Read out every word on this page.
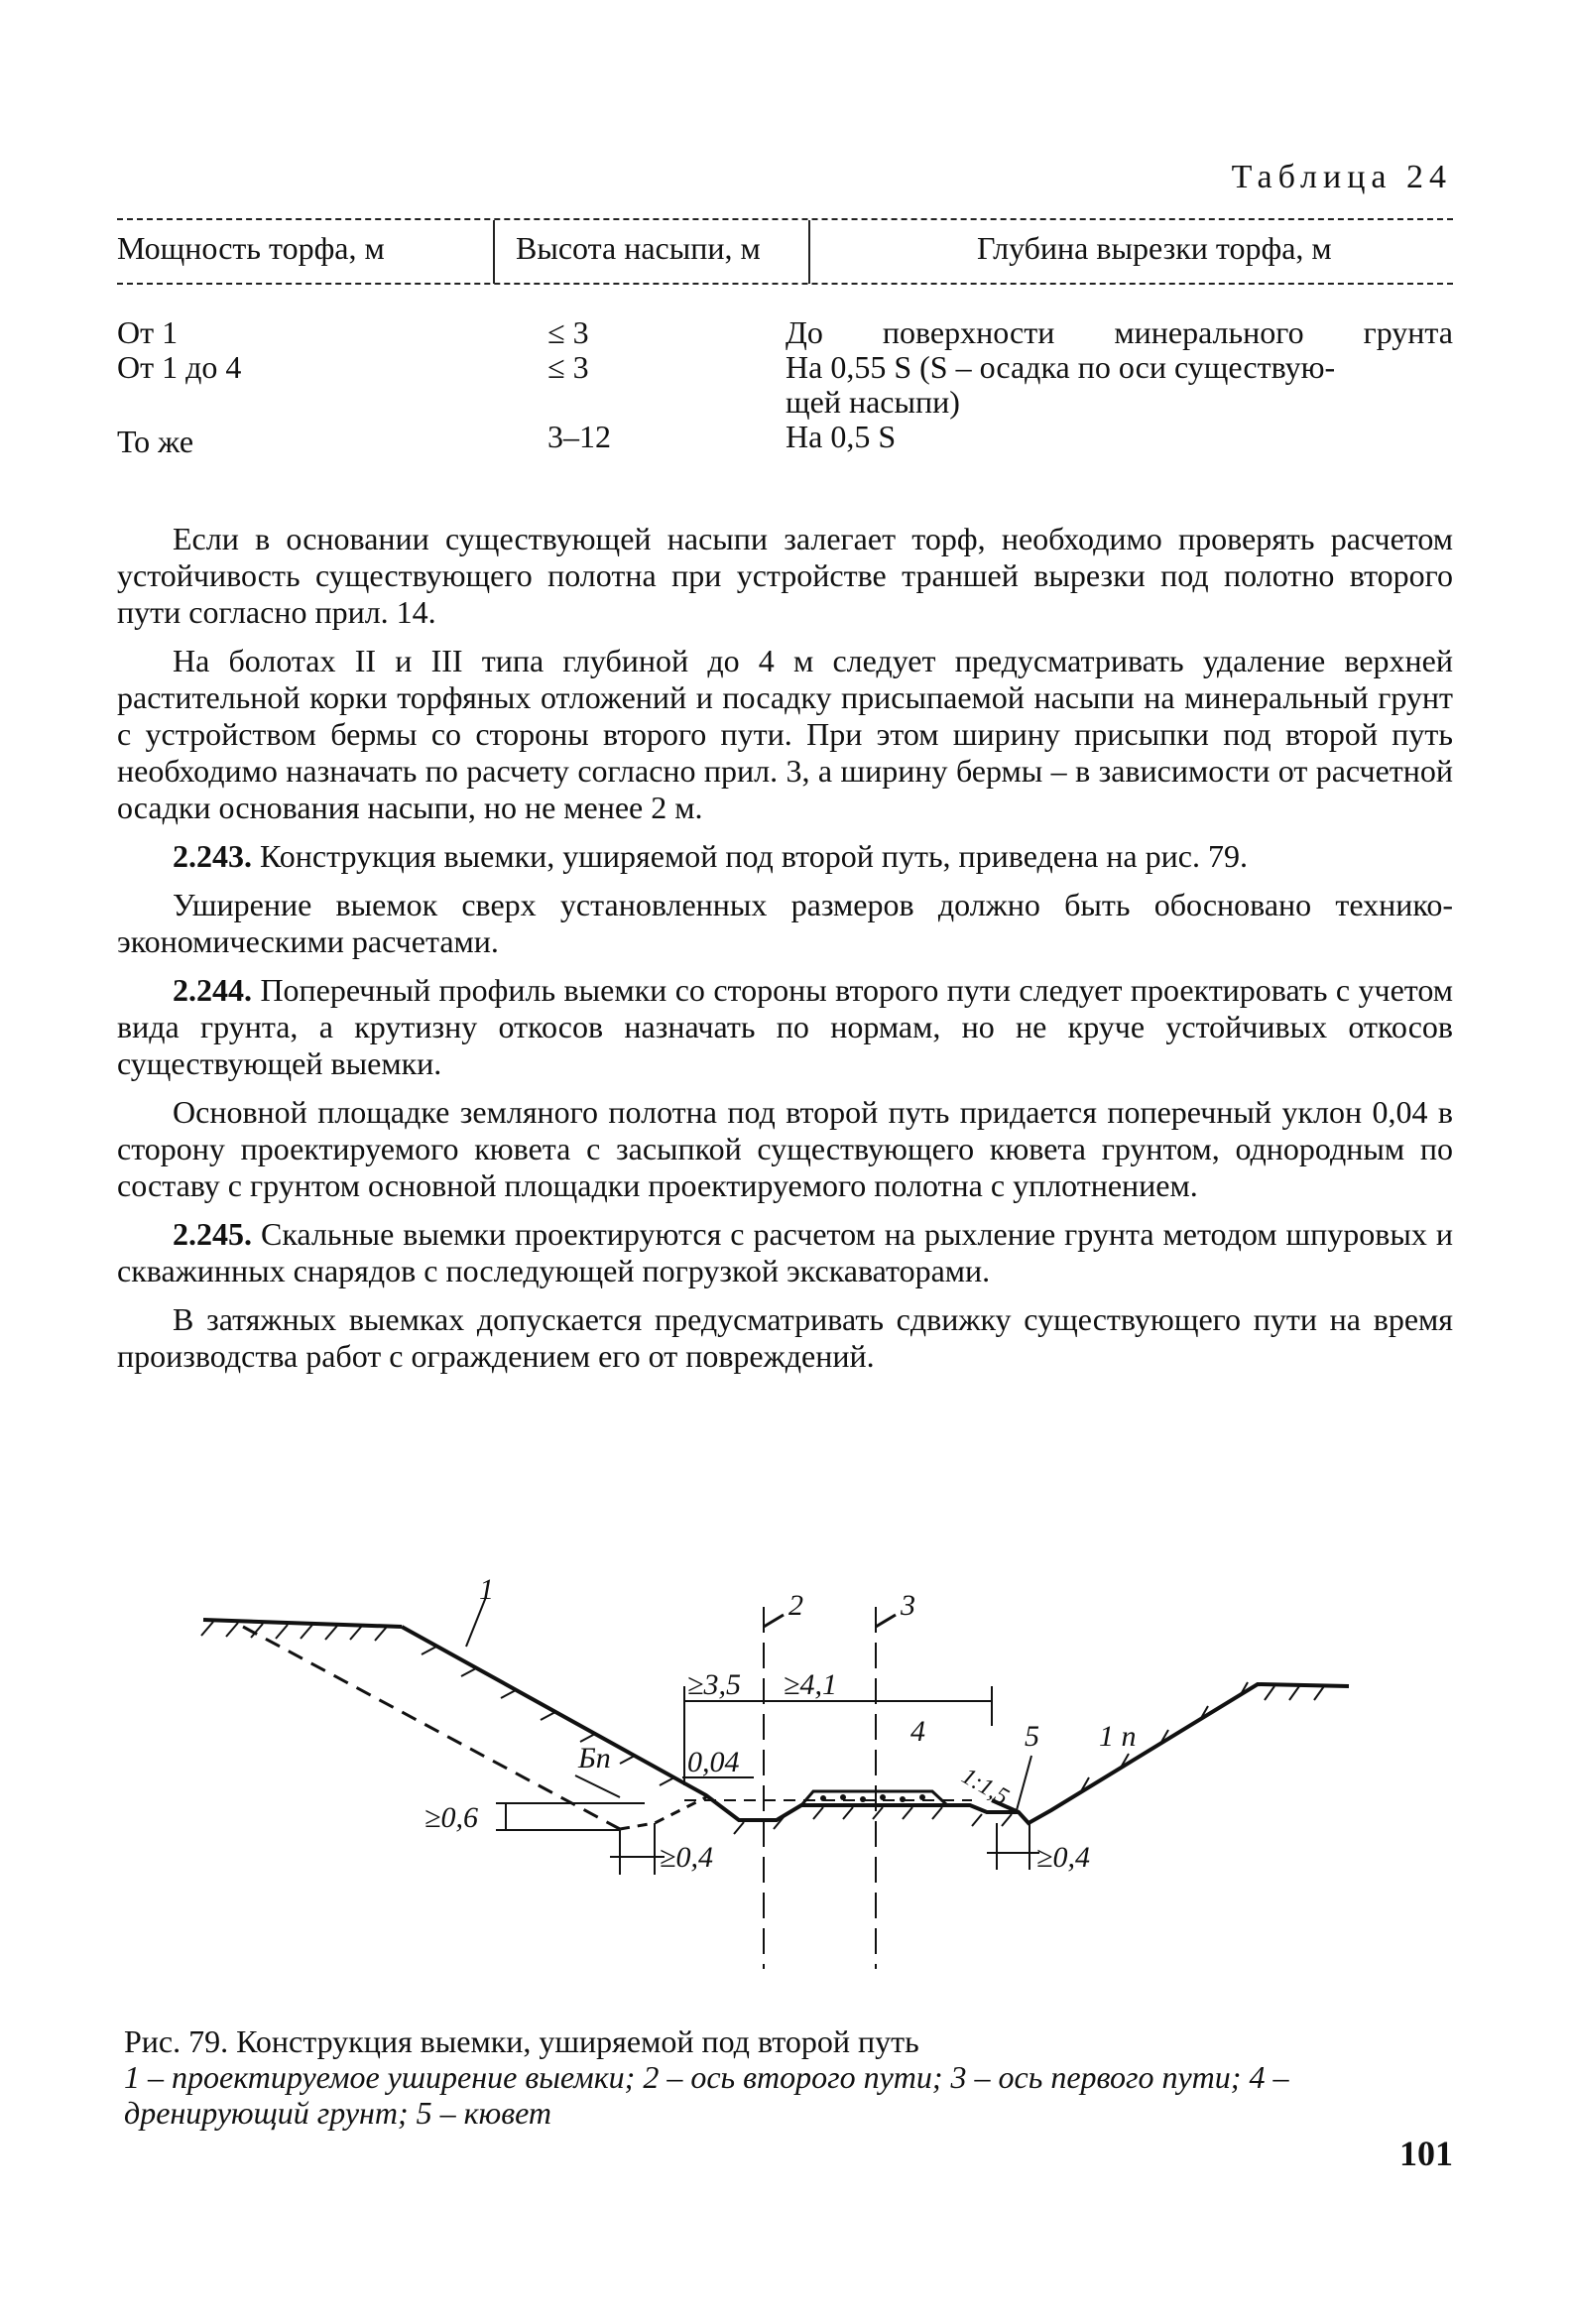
Таблица 24
Мощность торфа, м	Высота насыпи, м	Глубина вырезки торфа, м
От 1	≤ 3	До поверхности минерального грунта
От 1 до 4	≤ 3	На 0,55 S (S – осадка по оси существую-
щей насыпи)
То же	3–12	На 0,5 S

Если в основании существующей насыпи залегает торф, необходимо проверять расчетом устойчивость существующего полотна при устройстве траншей вырезки под полотно второго пути согласно прил. 14.

На болотах II и III типа глубиной до 4 м следует предусматривать удаление верхней растительной корки торфяных отложений и посадку присыпаемой насыпи на минеральный грунт с устройством бермы со стороны второго пути. При этом ширину присыпки под второй путь необходимо назначать по расчету согласно прил. 3, а ширину бермы – в зависимости от расчетной осадки основания насыпи, но не менее 2 м.

2.243. Конструкция выемки, уширяемой под второй путь, приведена на рис. 79.

Уширение выемок сверх установленных размеров должно быть обосновано технико-экономическими расчетами.

2.244. Поперечный профиль выемки со стороны второго пути следует проектировать с учетом вида грунта, а крутизну откосов назначать по нормам, но не круче устойчивых откосов существующей выемки.

Основной площадке земляного полотна под второй путь придается поперечный уклон 0,04 в сторону проектируемого кювета с засыпкой существующего кювета грунтом, однородным по составу с грунтом основной площадки проектируемого полотна с уплотнением.

2.245. Скальные выемки проектируются с расчетом на рыхление грунта методом шпуровых и скважинных снарядов с последующей погрузкой экскаваторами.

В затяжных выемках допускается предусматривать сдвижку существующего пути на время производства работ с ограждением его от повреждений.

1	2	3
4	5 1 п
≥3,5 ≥4,1
0,04
Бп
≥0,6
≥0,4	≥0,4
1:1,5
Рис. 79. Конструкция выемки, уширяемой под второй путь
1 – проектируемое уширение выемки; 2 – ось второго пути; 3 – ось первого пути; 4 – дренирующий грунт; 5 – кювет
101
